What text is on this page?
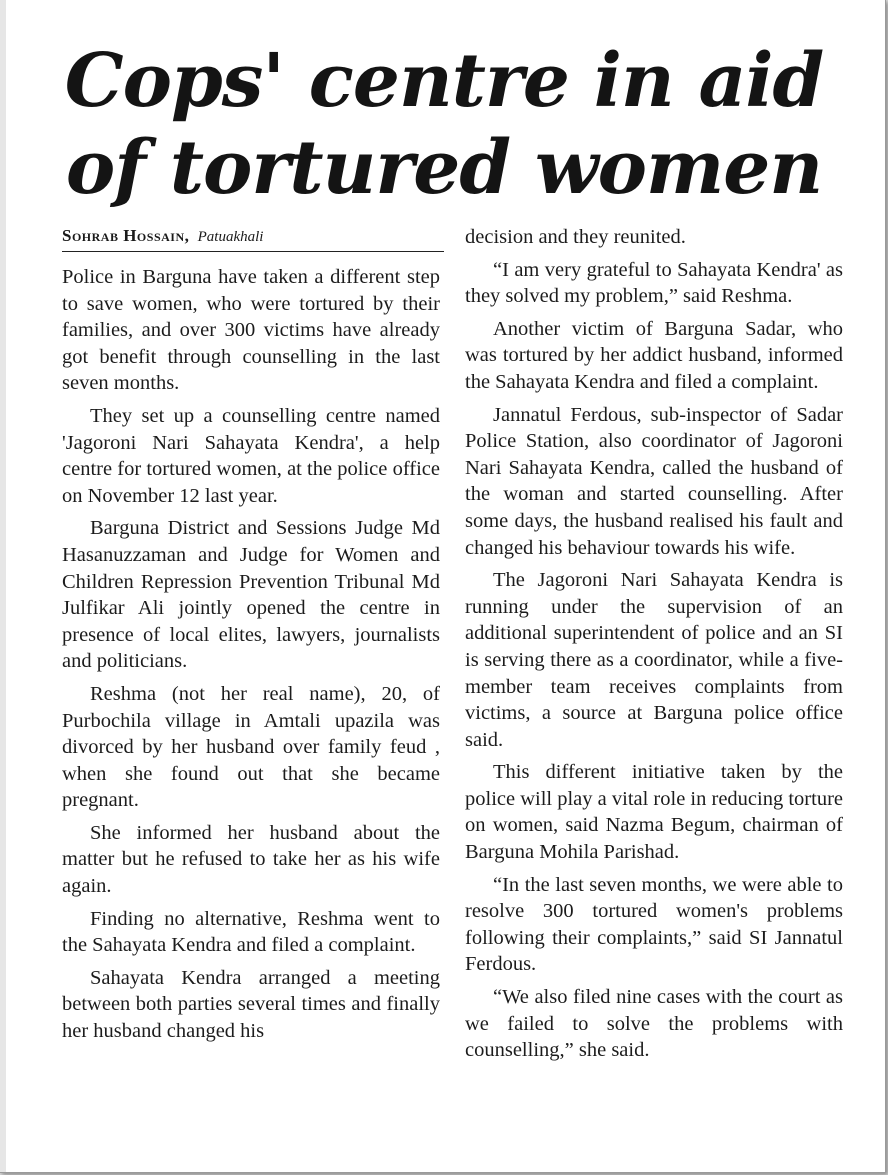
Cops' centre in aid
of tortured women
Sohrab Hossain, Patuakhali

Police in Barguna have taken a different step to save women, who were tortured by their families, and over 300 victims have already got benefit through counselling in the last seven months.

They set up a counselling centre named 'Jagoroni Nari Sahayata Kendra', a help centre for tortured women, at the police office on November 12 last year.

Barguna District and Sessions Judge Md Hasanuzzaman and Judge for Women and Children Repression Prevention Tribunal Md Julfikar Ali jointly opened the centre in presence of local elites, lawyers, journalists and politicians.

Reshma (not her real name), 20, of Purbochila village in Amtali upazila was divorced by her husband over family feud , when she found out that she became pregnant.

She informed her husband about the matter but he refused to take her as his wife again.

Finding no alternative, Reshma went to the Sahayata Kendra and filed a complaint.

Sahayata Kendra arranged a meeting between both parties several times and finally her husband changed his

decision and they reunited.

“I am very grateful to Sahayata Kendra' as they solved my problem,” said Reshma.

Another victim of Barguna Sadar, who was tortured by her addict husband, informed the Sahayata Kendra and filed a complaint.

Jannatul Ferdous, sub-inspector of Sadar Police Station, also coordinator of Jagoroni Nari Sahayata Kendra, called the husband of the woman and started counselling. After some days, the husband realised his fault and changed his behaviour towards his wife.

The Jagoroni Nari Sahayata Kendra is running under the supervision of an additional superintendent of police and an SI is serving there as a coordinator, while a five-member team receives complaints from victims, a source at Barguna police office said.

This different initiative taken by the police will play a vital role in reducing torture on women, said Nazma Begum, chairman of Barguna Mohila Parishad.

“In the last seven months, we were able to resolve 300 tortured women's problems following their complaints,” said SI Jannatul Ferdous.

“We also filed nine cases with the court as we failed to solve the problems with counselling,” she said.
